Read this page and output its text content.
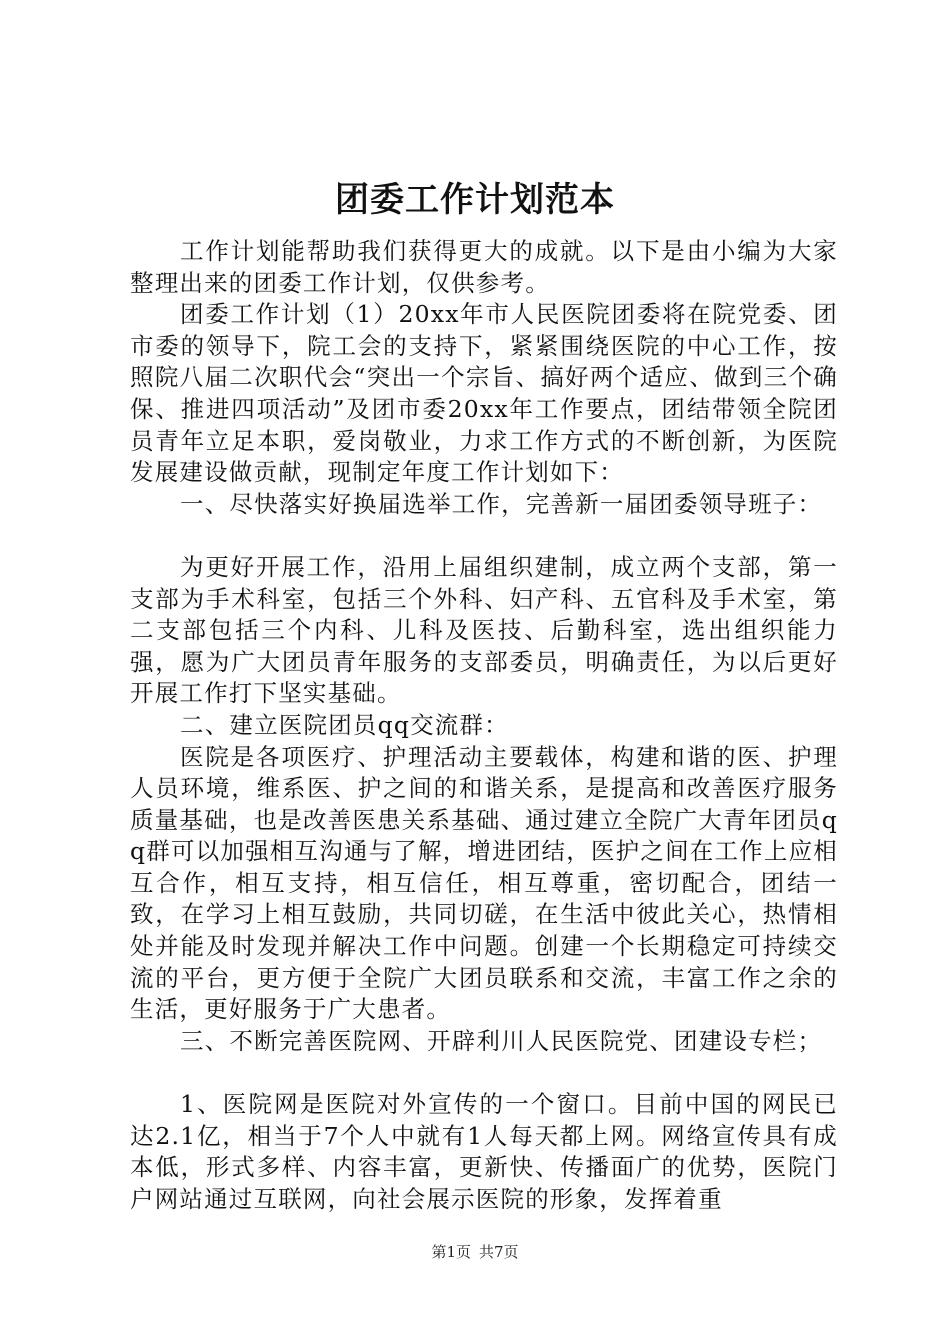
团委工作计划范本

工作计划能帮助我们获得更大的成就。以下是由小编为大家整理出来的团委工作计划，仅供参考。

团委工作计划（1）20xx年市人民医院团委将在院党委、团市委的领导下，院工会的支持下，紧紧围绕医院的中心工作，按照院八届二次职代会“突出一个宗旨、搞好两个适应、做到三个确保、推进四项活动”及团市委20xx年工作要点，团结带领全院团员青年立足本职，爱岗敬业，力求工作方式的不断创新，为医院发展建设做贡献，现制定年度工作计划如下：

一、尽快落实好换届选举工作，完善新一届团委领导班子：

为更好开展工作，沿用上届组织建制，成立两个支部，第一支部为手术科室，包括三个外科、妇产科、五官科及手术室，第二支部包括三个内科、儿科及医技、后勤科室，选出组织能力强，愿为广大团员青年服务的支部委员，明确责任，为以后更好开展工作打下坚实基础。

二、建立医院团员qq交流群：

医院是各项医疗、护理活动主要载体，构建和谐的医、护理人员环境，维系医、护之间的和谐关系，是提高和改善医疗服务质量基础，也是改善医患关系基础、通过建立全院广大青年团员qq群可以加强相互沟通与了解，增进团结，医护之间在工作上应相互合作，相互支持，相互信任，相互尊重，密切配合，团结一致，在学习上相互鼓励，共同切磋，在生活中彼此关心，热情相处并能及时发现并解决工作中问题。创建一个长期稳定可持续交流的平台，更方便于全院广大团员联系和交流，丰富工作之余的生活，更好服务于广大患者。

三、不断完善医院网、开辟利川人民医院党、团建设专栏；

1、医院网是医院对外宣传的一个窗口。目前中国的网民已达2.1亿，相当于7个人中就有1人每天都上网。网络宣传具有成本低，形式多样、内容丰富，更新快、传播面广的优势，医院门户网站通过互联网，向社会展示医院的形象，发挥着重

第1页 共7页
